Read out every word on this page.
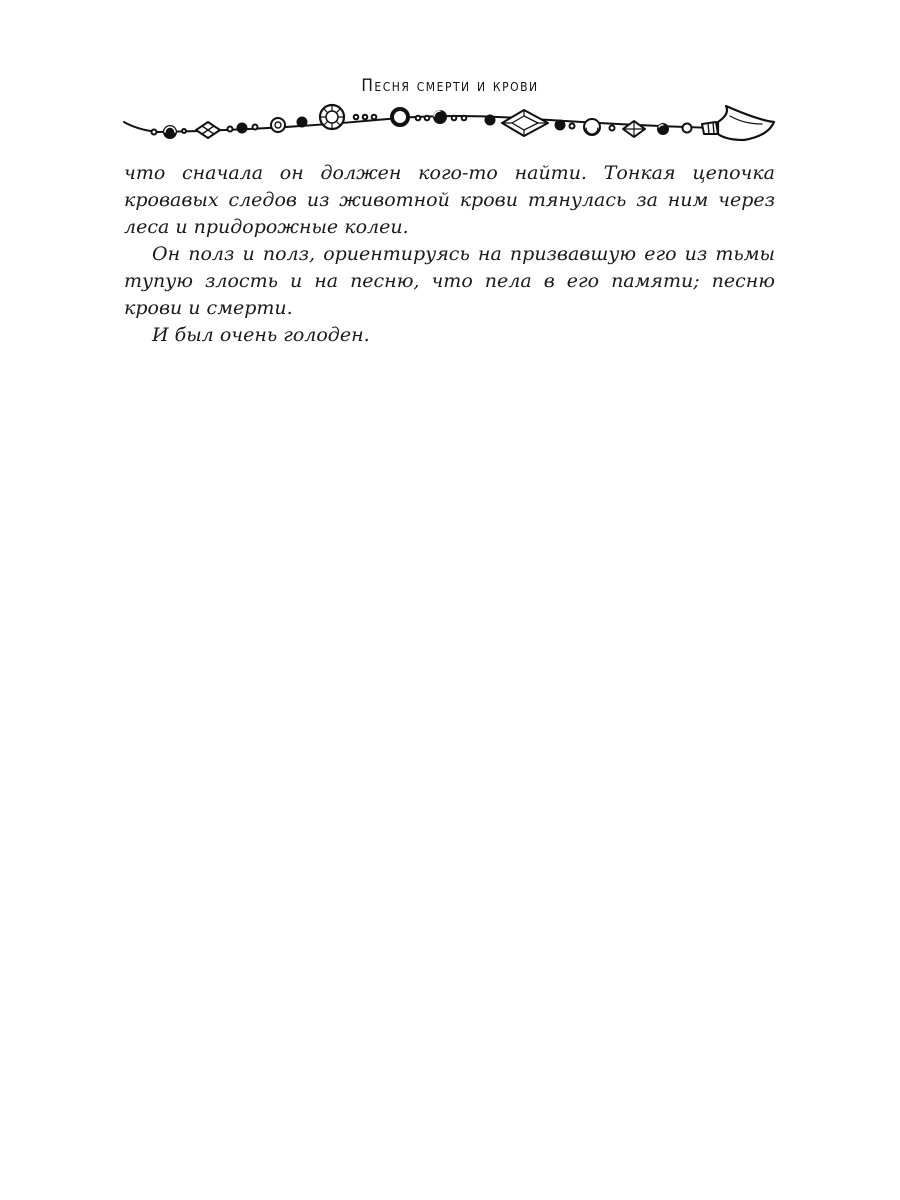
Песня смерти и крови

что сначала он должен кого-то найти. Тонкая цепочка кровавых следов из животной крови тянулась за ним через леса и придорожные колеи.

Он полз и полз, ориентируясь на призвавшую его из тьмы тупую злость и на песню, что пела в его памяти; песню крови и смерти.

И был очень голоден.
